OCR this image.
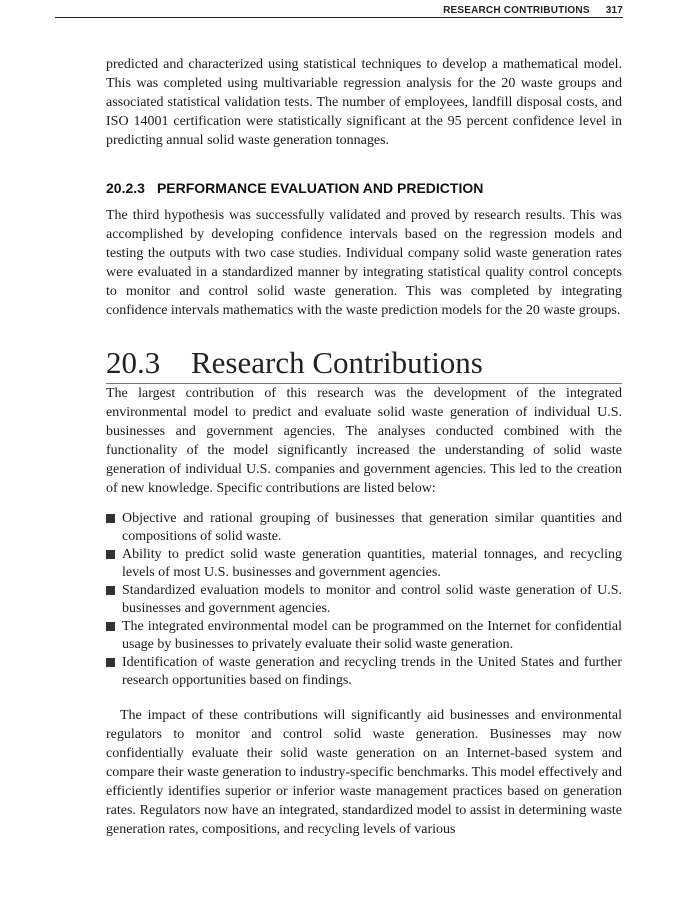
RESEARCH CONTRIBUTIONS 317

predicted and characterized using statistical techniques to develop a mathematical model. This was completed using multivariable regression analysis for the 20 waste groups and associated statistical validation tests. The number of employees, landfill disposal costs, and ISO 14001 certification were statistically significant at the 95 percent confidence level in predicting annual solid waste generation tonnages.

20.2.3 PERFORMANCE EVALUATION AND PREDICTION

The third hypothesis was successfully validated and proved by research results. This was accomplished by developing confidence intervals based on the regression models and testing the outputs with two case studies. Individual company solid waste generation rates were evaluated in a standardized manner by integrating statistical quality control concepts to monitor and control solid waste generation. This was completed by integrating confidence intervals mathematics with the waste prediction models for the 20 waste groups.

20.3 Research Contributions

The largest contribution of this research was the development of the integrated environmental model to predict and evaluate solid waste generation of individual U.S. businesses and government agencies. The analyses conducted combined with the functionality of the model significantly increased the understanding of solid waste generation of individual U.S. companies and government agencies. This led to the creation of new knowledge. Specific contributions are listed below:

Objective and rational grouping of businesses that generation similar quantities and compositions of solid waste.
Ability to predict solid waste generation quantities, material tonnages, and recycling levels of most U.S. businesses and government agencies.
Standardized evaluation models to monitor and control solid waste generation of U.S. businesses and government agencies.
The integrated environmental model can be programmed on the Internet for confidential usage by businesses to privately evaluate their solid waste generation.
Identification of waste generation and recycling trends in the United States and further research opportunities based on findings.

The impact of these contributions will significantly aid businesses and environmental regulators to monitor and control solid waste generation. Businesses may now confidentially evaluate their solid waste generation on an Internet-based system and compare their waste generation to industry-specific benchmarks. This model effectively and efficiently identifies superior or inferior waste management practices based on generation rates. Regulators now have an integrated, standardized model to assist in determining waste generation rates, compositions, and recycling levels of various
